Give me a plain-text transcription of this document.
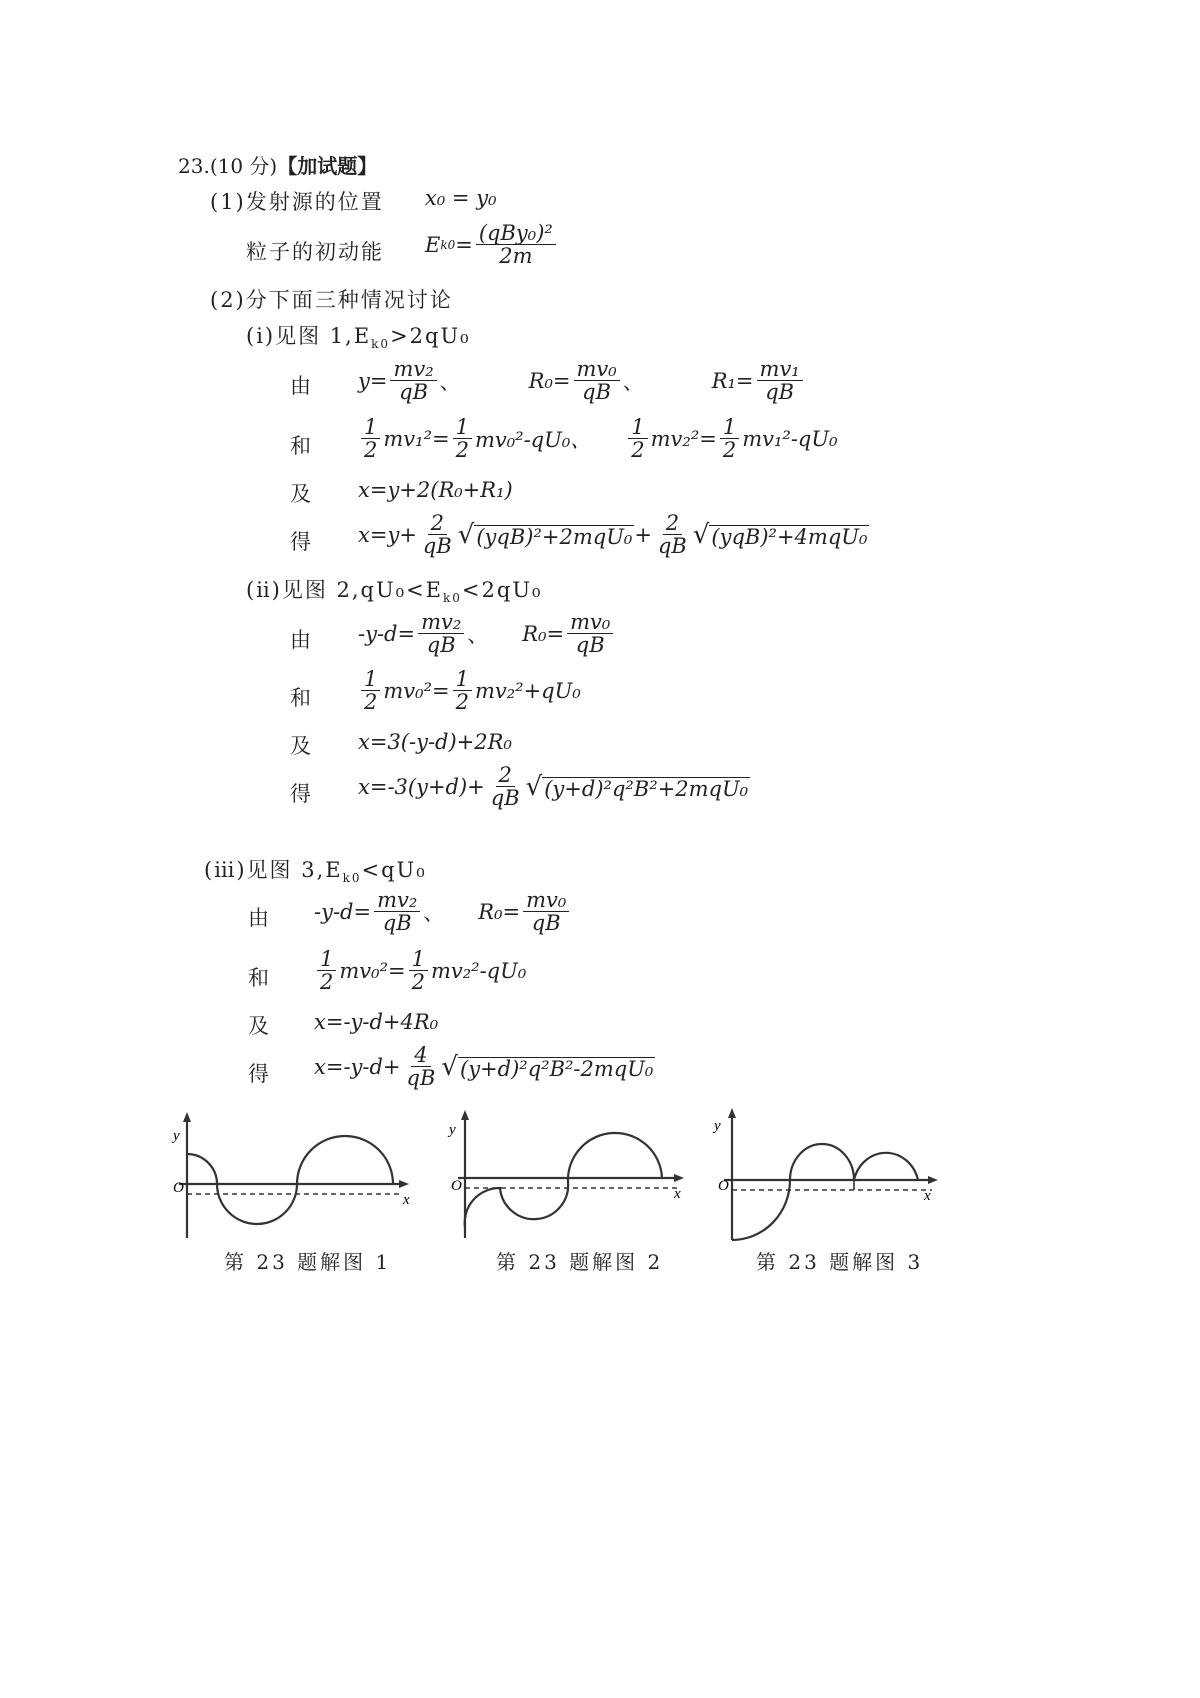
23.(10 分)【加试题】
(1)发射源的位置 x₀ = y₀
粒子的初动能 E $k0 = \frac{\text{(qBy₀)²}}{2m}$
(2)分下面三种情况讨论
(ⅰ)见图 $1,E_{k0}>2qU_0$
由 $y= \frac{\text{mv₂}}{qB}$ 、	$R_0= \frac{\text{mv₀}}{qB}$ 、	$R_1= \frac{\text{mv₁}}{qB}$
和 $\frac{1}{2} mv_1^2= \frac{1}{2} mv_0^2-qU_0$、 $\frac{1}{2} mv_2^2= \frac{1}{2} mv_1^2-qU_0$
及 x=y+2(R₀+R₁)
得 $x=y+ \frac{2}{qB}$ √ $(yqB)^2+2mqU_0 + \frac{2}{qB}$ √ (yqB)²+4mqU₀
(ⅱ)见图 $2,qU_0<E_{k0}<2qU_0$
由 $-y-d= \frac{\text{mv₂}}{qB}$ 、 $R_0= \frac{\text{mv₀}}{qB}$
和 $\frac{1}{2} mv_0^2= \frac{1}{2} mv_2^2+qU_0$
及 x=3(-y-d)+2R₀
得 $x=-3(y+d)+ \frac{2}{qB}$ √ (y+d)²q²B²+2mqU₀
(ⅲ)见图 $3,E_{k0}<qU_0$
由 $-y-d= \frac{\text{mv₂}}{qB}$ 、 $R_0= \frac{\text{mv₀}}{qB}$
和 $\frac{1}{2} mv_0^2= \frac{1}{2} mv_2^2-qU_0$
及 x=-y-d+4R₀
得 $x=-y-d+ \frac{4}{qB}$ √ (y+d)²q²B²-2mqU₀
y
O
x
第 23 题解图 1
y
O	x
第 23 题解图 2
y
O
x
第 23 题解图 3
